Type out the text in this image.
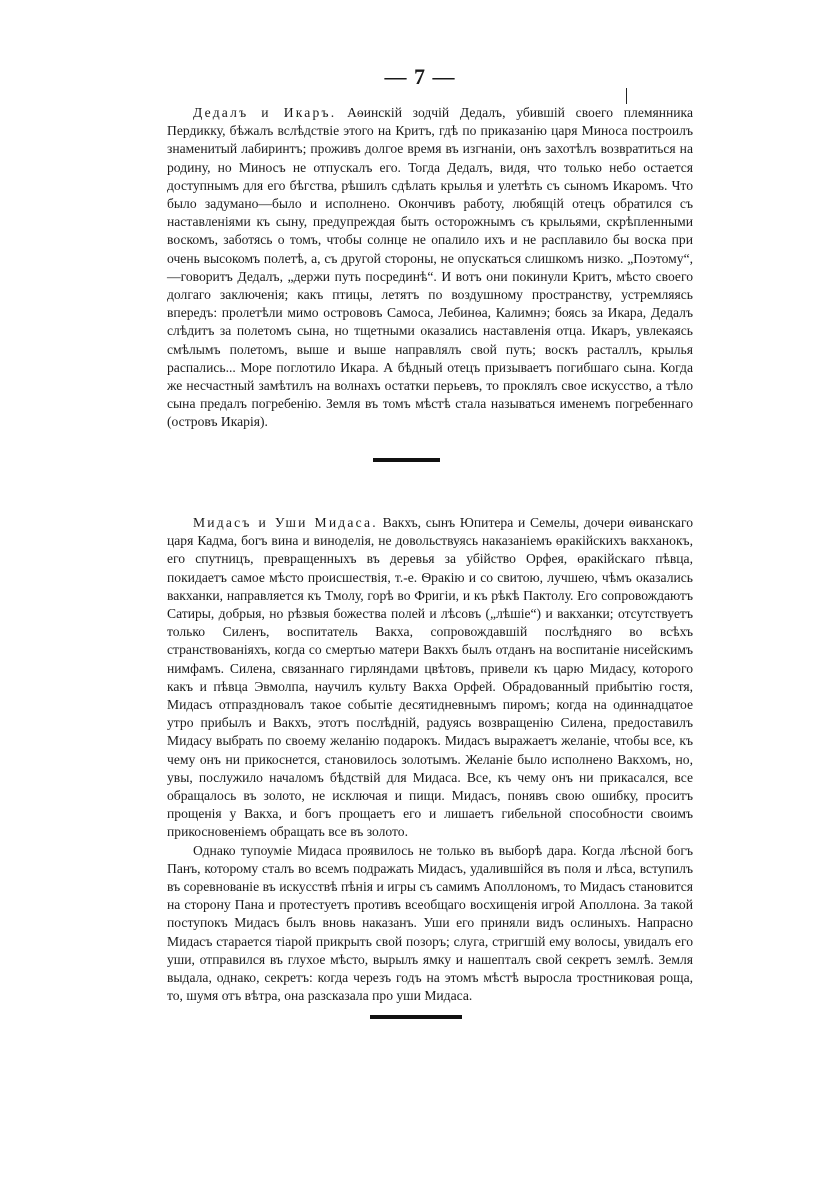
— 7 —

Дедалъ и Икаръ. Аѳинскій зодчій Дедалъ, убившій своего племянника Пердикку, бѣжалъ вслѣдствіе этого на Критъ, гдѣ по приказанію царя Миноса построилъ знаменитый лабиринтъ; проживъ долгое время въ изгнаніи, онъ захотѣлъ возвратиться на родину, но Миносъ не отпускалъ его. Тогда Дедалъ, видя, что только небо остается доступнымъ для его бѣгства, рѣшилъ сдѣлать крылья и улетѣть съ сыномъ Икаромъ. Что было задумано—было и исполнено. Окончивъ работу, любящій отецъ обратился съ наставленіями къ сыну, предупреждая быть осторожнымъ съ крыльями, скрѣпленными воскомъ, заботясь о томъ, чтобы солнце не опалило ихъ и не расплавило бы воска при очень высокомъ полетѣ, а, съ другой стороны, не опускаться слишкомъ низко. „Поэтому“,—говоритъ Дедалъ, „держи путь посрединѣ“. И вотъ они покинули Критъ, мѣсто своего долгаго заключенія; какъ птицы, летятъ по воздушному пространству, устремляясь впередъ: пролетѣли мимо острововъ Самоса, Лебинѳа, Калимнэ; боясь за Икара, Дедалъ слѣдитъ за полетомъ сына, но тщетными оказались наставленія отца. Икаръ, увлекаясь смѣлымъ полетомъ, выше и выше направлялъ свой путь; воскъ расталлъ, крылья распались... Море поглотило Икара. А бѣдный отецъ призываетъ погибшаго сына. Когда же несчастный замѣтилъ на волнахъ остатки перьевъ, то проклялъ свое искусство, а тѣло сына предалъ погребенію. Земля въ томъ мѣстѣ стала называться именемъ погребеннаго (островъ Икарія).

Мидасъ и Уши Мидаса. Вакхъ, сынъ Юпитера и Семелы, дочери ѳиванскаго царя Кадма, богъ вина и виноделія, не довольствуясь наказаніемъ ѳракійскихъ вакханокъ, его спутницъ, превращенныхъ въ деревья за убійство Орфея, ѳракійскаго пѣвца, покидаетъ самое мѣсто происшествія, т.-е. Ѳракію и со свитою, лучшею, чѣмъ оказались вакханки, направляется къ Тмолу, горѣ во Фригіи, и къ рѣкѣ Пактолу. Его сопровождаютъ Сатиры, добрыя, но рѣзвыя божества полей и лѣсовъ („лѣшіе“) и вакханки; отсутствуетъ только Силенъ, воспитатель Вакха, сопровождавшій послѣдняго во всѣхъ странствованіяхъ, когда со смертью матери Вакхъ былъ отданъ на воспитаніе нисейскимъ нимфамъ. Силена, связаннаго гирляндами цвѣтовъ, привели къ царю Мидасу, которого какъ и пѣвца Эвмолпа, научилъ культу Вакха Орфей. Обрадованный прибытію гостя, Мидасъ отпраздновалъ такое событіе десятидневнымъ пиромъ; когда на одиннадцатое утро прибылъ и Вакхъ, этотъ послѣдній, радуясь возвращенію Силена, предоставилъ Мидасу выбрать по своему желанію подарокъ. Мидасъ выражаетъ желаніе, чтобы все, къ чему онъ ни прикоснется, становилось золотымъ. Желаніе было исполнено Вакхомъ, но, увы, послужило началомъ бѣдствій для Мидаса. Все, къ чему онъ ни прикасался, все обращалось въ золото, не исключая и пищи. Мидасъ, понявъ свою ошибку, проситъ прощенія у Вакха, и богъ прощаетъ его и лишаетъ гибельной способности своимъ прикосновеніемъ обращать все въ золото.

Однако тупоуміе Мидаса проявилось не только въ выборѣ дара. Когда лѣсной богъ Панъ, которому сталъ во всемъ подражать Мидасъ, удалившійся въ поля и лѣса, вступилъ въ соревнованіе въ искусствѣ пѣнія и игры съ самимъ Аполлономъ, то Мидасъ становится на сторону Пана и протестуетъ противъ всеобщаго восхищенія игрой Аполлона. За такой поступокъ Мидасъ былъ вновь наказанъ. Уши его приняли видъ ослиныхъ. Напрасно Мидасъ старается тіарой прикрыть свой позоръ; слуга, стригшій ему волосы, увидалъ его уши, отправился въ глухое мѣсто, вырылъ ямку и нашепталъ свой секретъ землѣ. Земля выдала, однако, секретъ: когда черезъ годъ на этомъ мѣстѣ выросла тростниковая роща, то, шумя отъ вѣтра, она разсказала про уши Мидаса.
